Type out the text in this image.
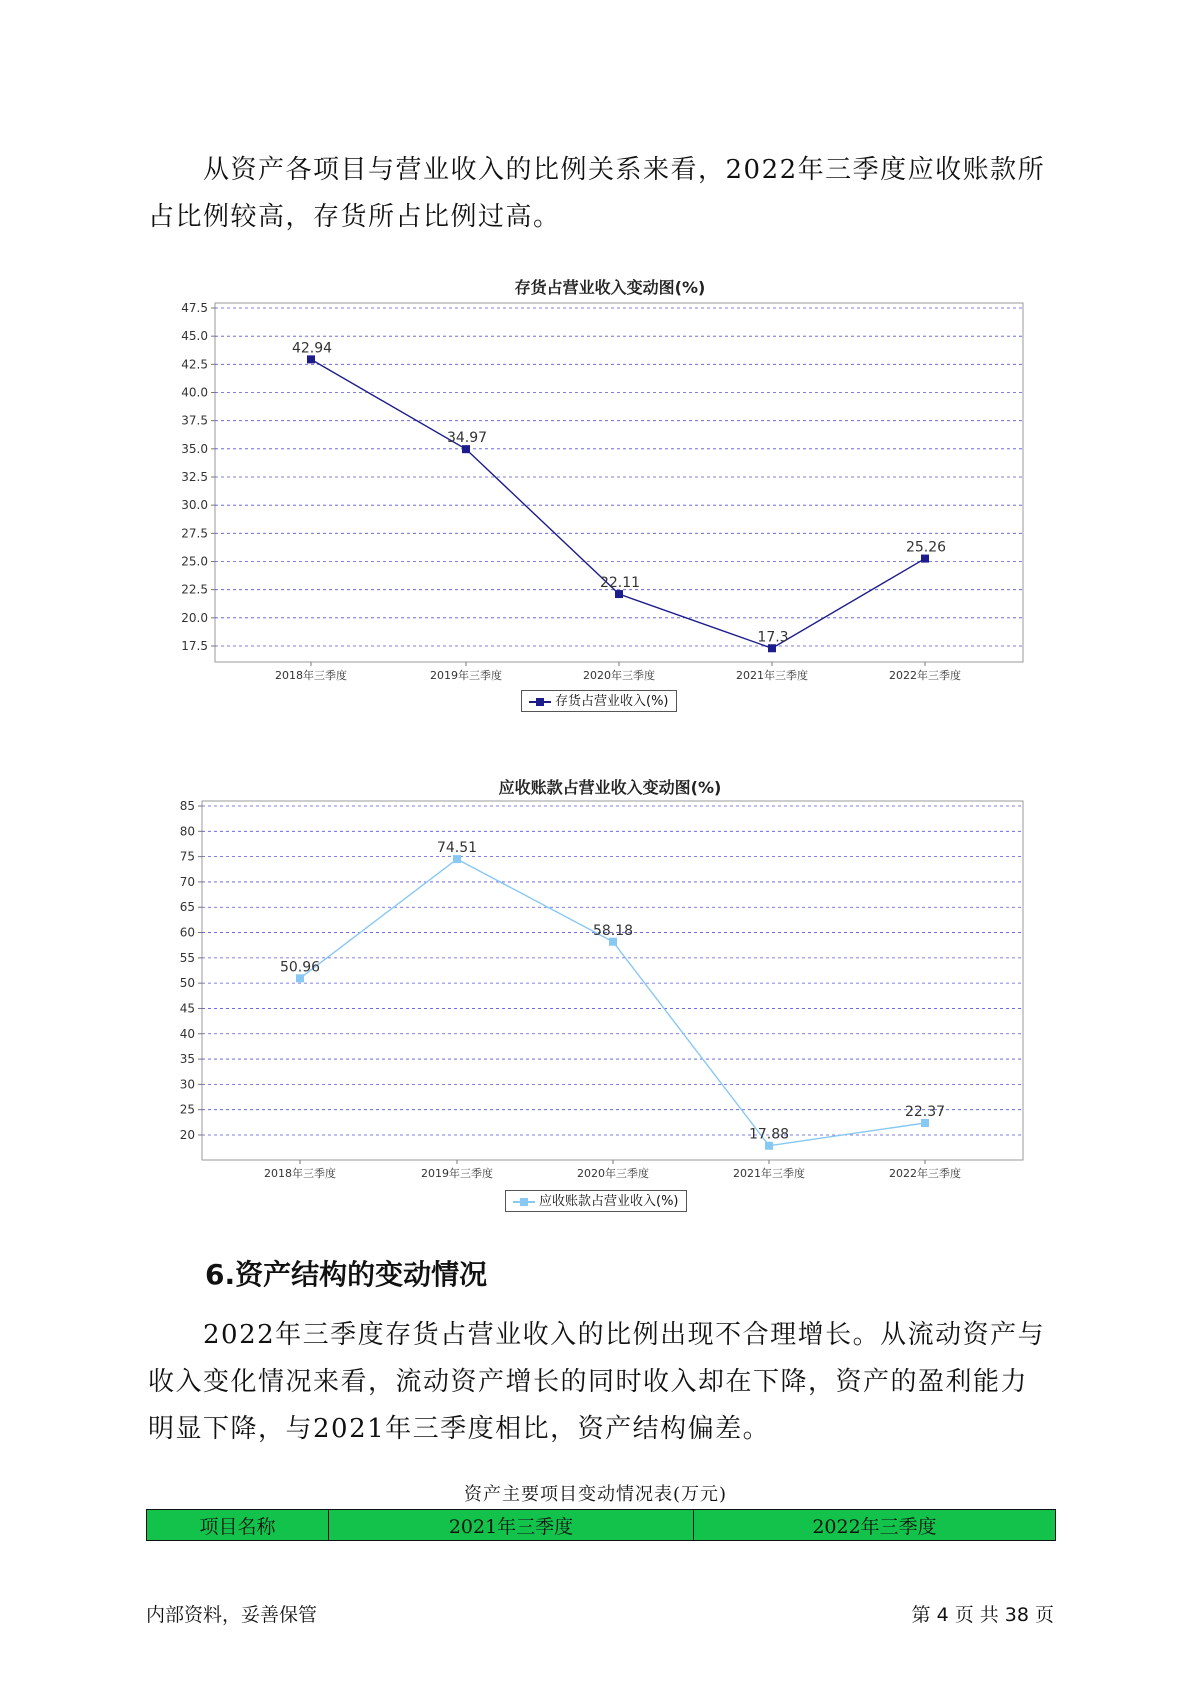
从资产各项目与营业收入的比例关系来看，2022年三季度应收账款所占比例较高，存货所占比例过高。

存货占营业收入变动图(%)
17.5
20.0
22.5
25.0
27.5
30.0
32.5
35.0
37.5
40.0
42.5
45.0
47.5
2018年三季度	2019年三季度	2020年三季度	2021年三季度	2022年三季度
42.94
34.97
22.11
17.3
25.26
存货占营业收入(%)
应收账款占营业收入变动图(%)
20
25
30
35
40
45
50
55
60
65
70
75
80
85
2018年三季度	2019年三季度	2020年三季度	2021年三季度	2022年三季度
50.96
74.51
58.18
17.88
22.37
应收账款占营业收入(%)
6.资产结构的变动情况

2022年三季度存货占营业收入的比例出现不合理增长。从流动资产与收入变化情况来看，流动资产增长的同时收入却在下降，资产的盈利能力明显下降，与2021年三季度相比，资产结构偏差。

资产主要项目变动情况表(万元)
项目名称	2021年三季度	2022年三季度
内部资料，妥善保管	第 4 页 共 38 页
